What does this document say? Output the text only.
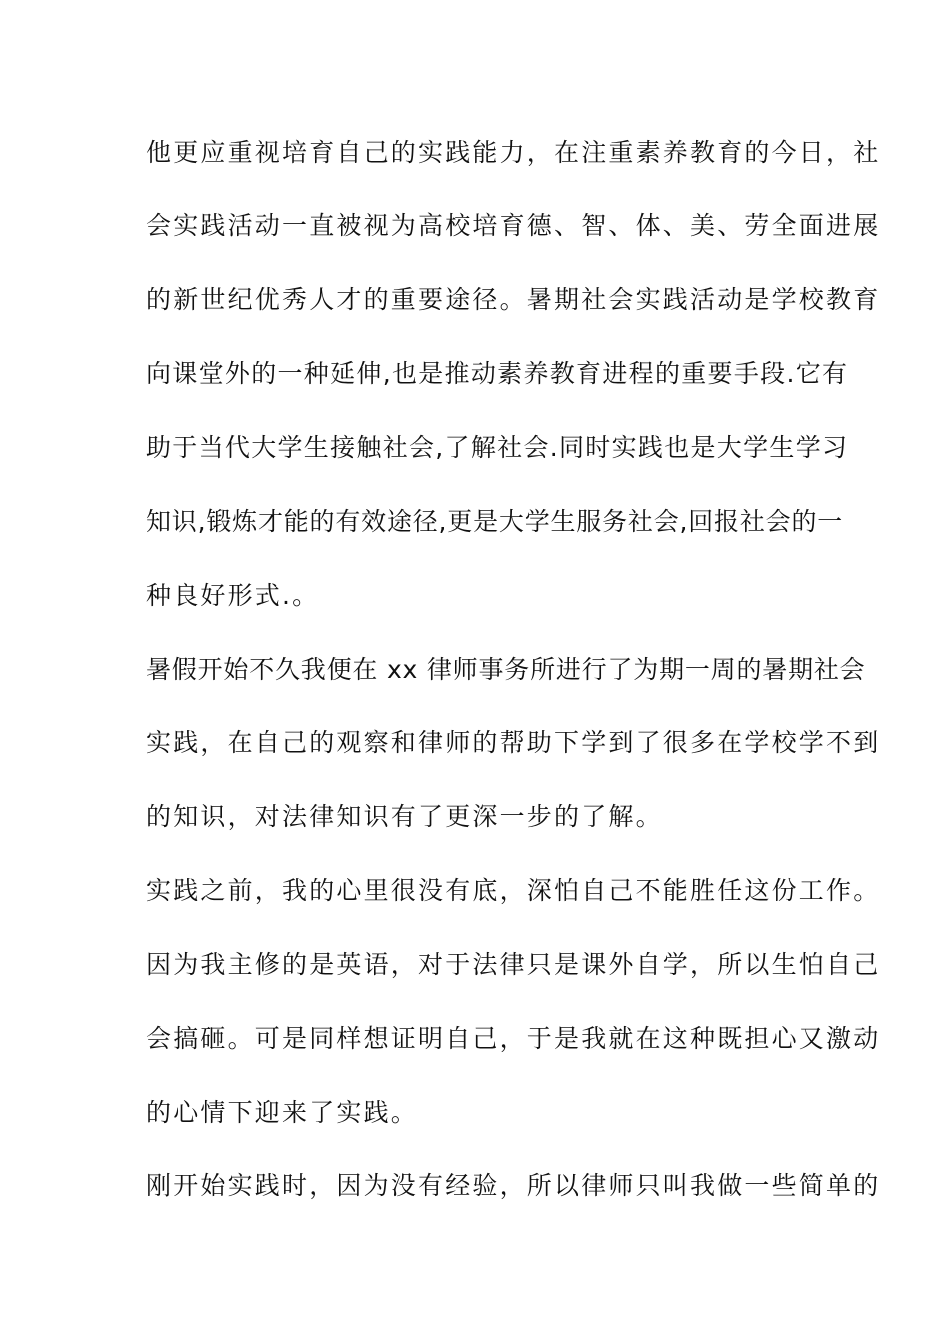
他更应重视培育自己的实践能力，在注重素养教育的今日，社
会实践活动一直被视为高校培育德、智、体、美、劳全面进展
的新世纪优秀人才的重要途径。暑期社会实践活动是学校教育
向课堂外的一种延伸,也是推动素养教育进程的重要手段.它有
助于当代大学生接触社会,了解社会.同时实践也是大学生学习
知识,锻炼才能的有效途径,更是大学生服务社会,回报社会的一
种良好形式.。
暑假开始不久我便在 xx 律师事务所进行了为期一周的暑期社会
实践，在自己的观察和律师的帮助下学到了很多在学校学不到
的知识，对法律知识有了更深一步的了解。
实践之前，我的心里很没有底，深怕自己不能胜任这份工作。
因为我主修的是英语，对于法律只是课外自学，所以生怕自己
会搞砸。可是同样想证明自己，于是我就在这种既担心又激动
的心情下迎来了实践。
刚开始实践时，因为没有经验，所以律师只叫我做一些简单的
